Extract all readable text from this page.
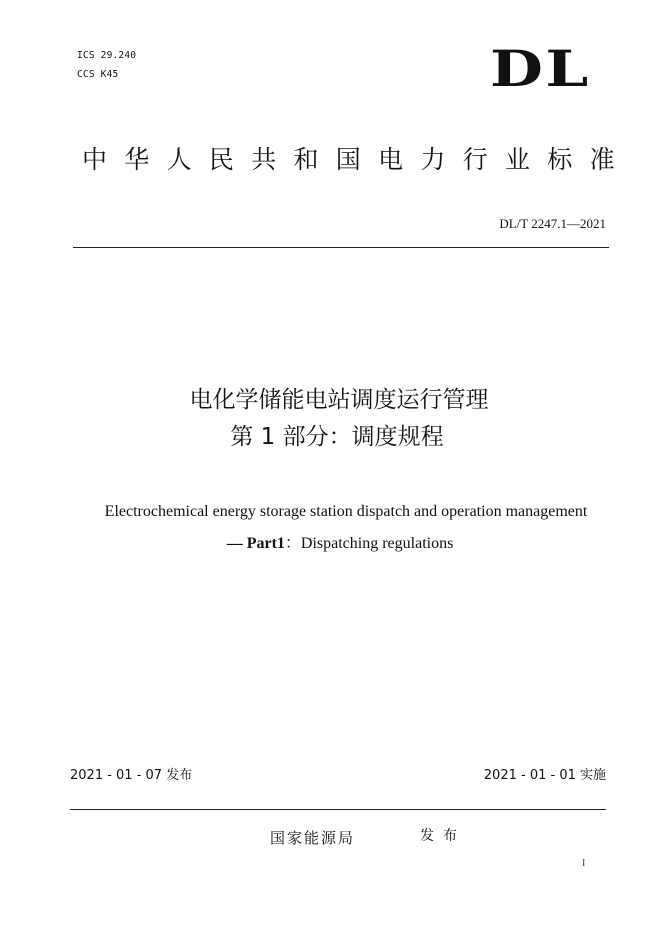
ICS 29.240
CCS K45	DL
中华人民共和国电力行业标准
DL/T 2247.1—2021
电化学储能电站调度运行管理
第 1 部分：调度规程
Electrochemical energy storage station dispatch and operation management
— Part1：Dispatching regulations
2021 - 01 - 07 发布	2021 - 01 - 01 实施
国家能源局	发布
I
